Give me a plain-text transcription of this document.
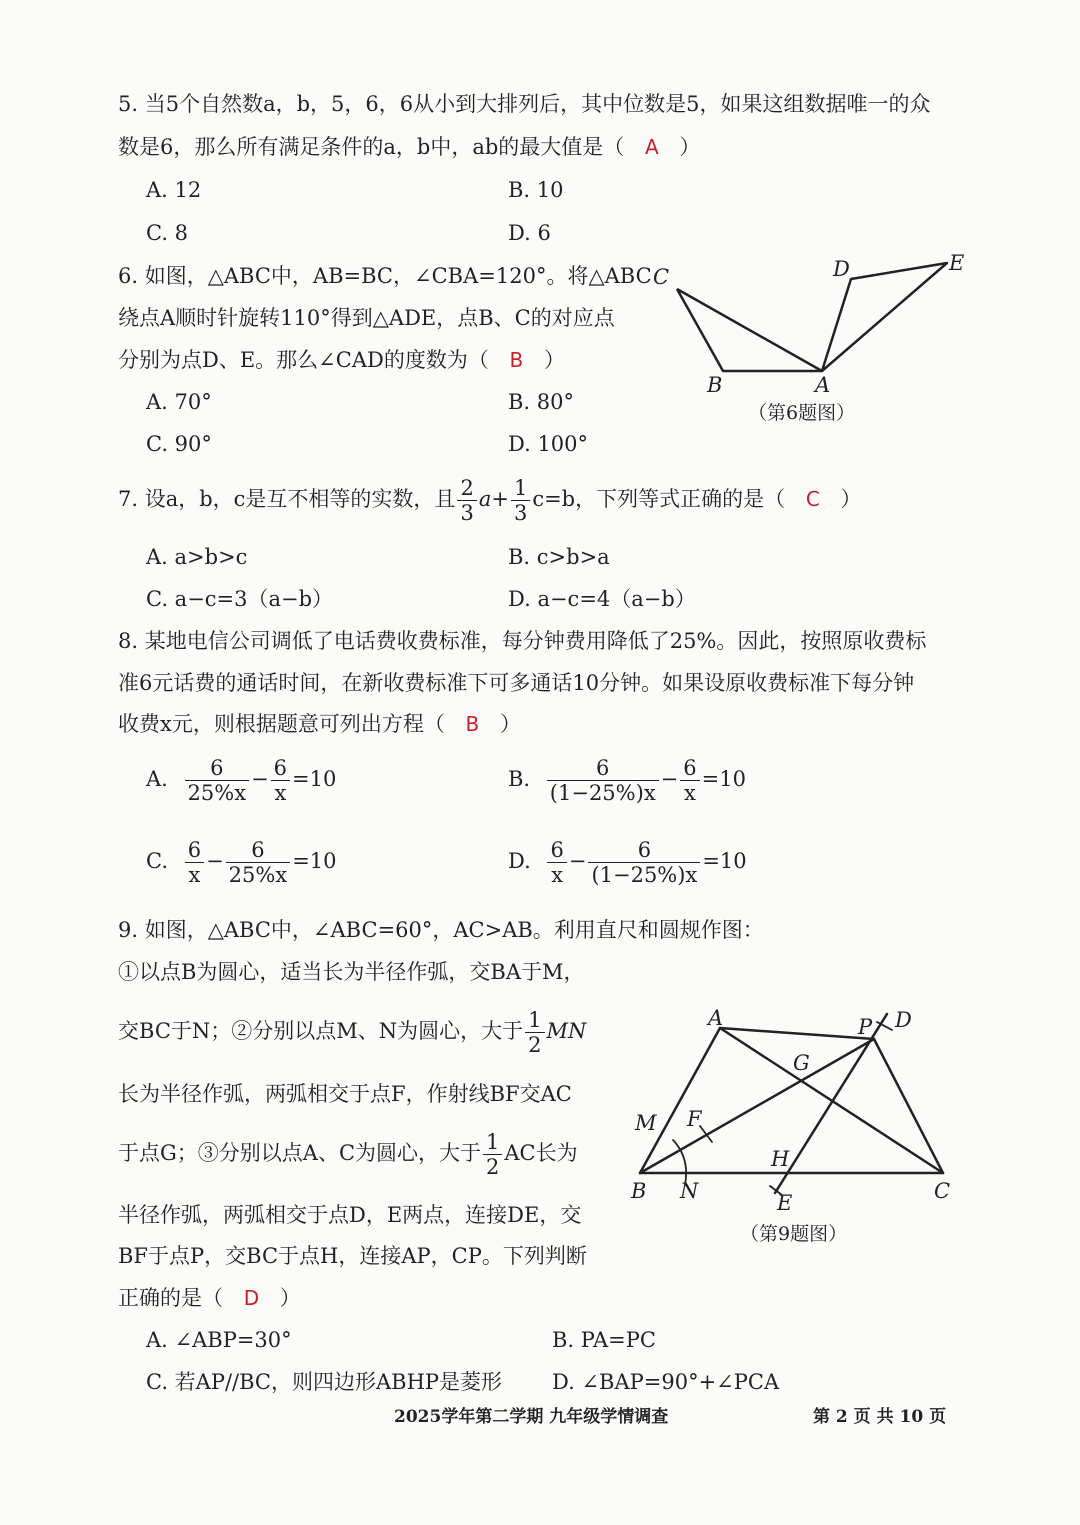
5. 当5个自然数a，b，5，6，6从小到大排列后，其中位数是5，如果这组数据唯一的众
数是6，那么所有满足条件的a，b中，ab的最大值是（ A ）
A. 12	B. 10
C. 8	D. 6
6. 如图，△ABC中，AB=BC，∠CBA=120°。将△ABC
绕点A顺时针旋转110°得到△ADE，点B、C的对应点
分别为点D、E。那么∠CAD的度数为（ B ）
A. 70°	B. 80°
C. 90°	D. 100°
C
B	A
D	E
（第6题图）
7. 设a，b，c是互不相等的实数，且 $\frac{2}{3} a+ \frac{1}{3} c=b$，下列等式正确的是（ C ）
A. a>b>c	B. c>b>a
C. a−c=3（a−b）	D. a−c=4（a−b）
8. 某地电信公司调低了电话费收费标准，每分钟费用降低了25%。因此，按照原收费标
准6元话费的通话时间，在新收费标准下可多通话10分钟。如果设原收费标准下每分钟
收费x元，则根据题意可列出方程（ B ）
A. $\frac{6}{25\%x} - \frac{6}{x} =10$	B. $\frac{6}{(1-25\%)x} - \frac{6}{x} =10$
C. $\frac{6}{x} - \frac{6}{25\%x} =10$	D. $\frac{6}{x} - \frac{6}{(1-25\%)x} =10$
9. 如图，△ABC中，∠ABC=60°，AC>AB。利用直尺和圆规作图：
①以点B为圆心，适当长为半径作弧，交BA于M，
交BC于N；②分别以点M、N为圆心，大于 $\frac{1}{2}$ MN
长为半径作弧，两弧相交于点F，作射线BF交AC
于点G；③分别以点A、C为圆心，大于 $\frac{1}{2}$ AC长为
半径作弧，两弧相交于点D，E两点，连接DE，交
BF于点P，交BC于点H，连接AP，CP。下列判断
正确的是（ D ）
A. ∠ABP=30°	B. PA=PC
C. 若AP//BC，则四边形ABHP是菱形 D. ∠BAP=90°+∠PCA
A	P D
G
M F
H
B N	E	C
（第9题图）
2025学年第二学期 九年级学情调查	第 2 页 共 10 页
